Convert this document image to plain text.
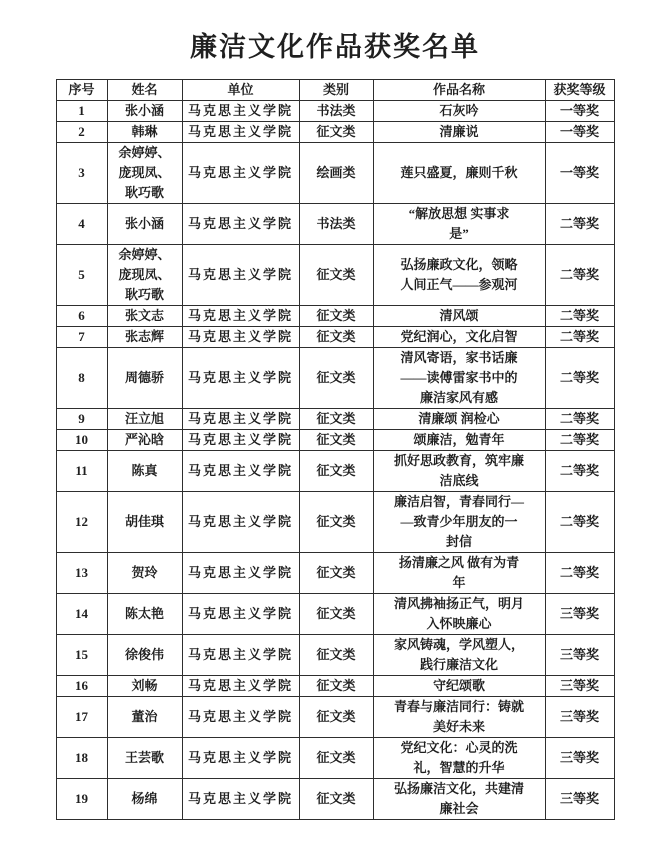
廉洁文化作品获奖名单
序号	姓名	单位	类别	作品名称	获奖等级
1	张小涵	马克思主义学院	书法类	石灰吟	一等奖
2	韩琳	马克思主义学院	征文类	清廉说	一等奖
3	余婷婷、
庞现凤、
耿巧歌	马克思主义学院	绘画类	莲只盛夏，廉则千秋	一等奖
4	张小涵	马克思主义学院	书法类	“解放思想 实事求
是”	二等奖
5	余婷婷、
庞现凤、
耿巧歌	马克思主义学院	征文类	弘扬廉政文化，领略
人间正气——参观河	二等奖
6	张文志	马克思主义学院	征文类	清风颂	二等奖
7	张志辉	马克思主义学院	征文类	党纪润心，文化启智	二等奖
8	周德骄	马克思主义学院	征文类	清风寄语，家书话廉
——读傅雷家书中的
廉洁家风有感	二等奖
9	汪立旭	马克思主义学院	征文类	清廉颂 润检心	二等奖
10	严沁晗	马克思主义学院	征文类	颂廉洁，勉青年	二等奖
11	陈真	马克思主义学院	征文类	抓好思政教育，筑牢廉
洁底线	二等奖
12	胡佳琪	马克思主义学院	征文类	廉洁启智，青春同行—
—致青少年朋友的一
封信	二等奖
13	贺玲	马克思主义学院	征文类	扬清廉之风 做有为青
年	二等奖
14	陈太艳	马克思主义学院	征文类	清风拂袖扬正气，明月
入怀映廉心	三等奖
15	徐俊伟	马克思主义学院	征文类	家风铸魂，学风塑人，
践行廉洁文化	三等奖
16	刘畅	马克思主义学院	征文类	守纪颂歌	三等奖
17	董治	马克思主义学院	征文类	青春与廉洁同行：铸就
美好未来	三等奖
18	王芸歌	马克思主义学院	征文类	党纪文化：心灵的洗
礼，智慧的升华	三等奖
19	杨绵	马克思主义学院	征文类	弘扬廉洁文化，共建清
廉社会	三等奖
